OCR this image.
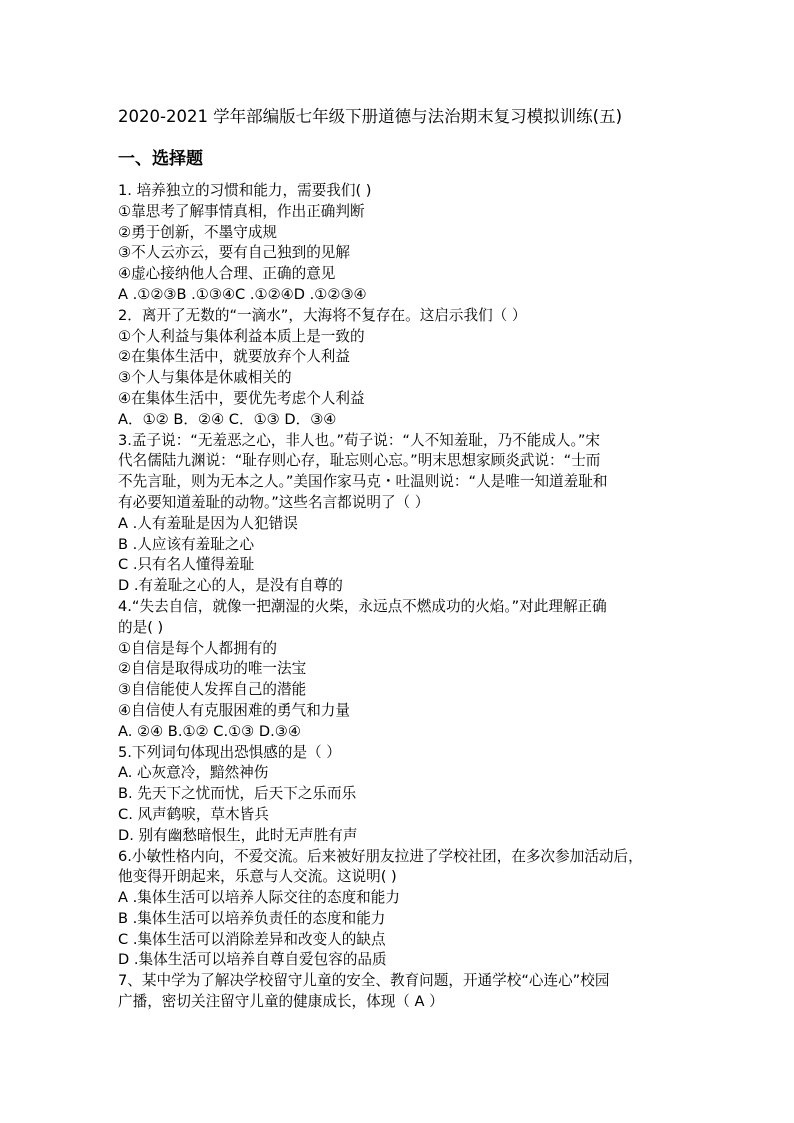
2020-2021 学年部编版七年级下册道德与法治期末复习模拟训练(五)
一、选择题
1. 培养独立的习惯和能力，需要我们( )
①靠思考了解事情真相，作出正确判断
②勇于创新，不墨守成规
③不人云亦云，要有自己独到的见解
④虚心接纳他人合理、正确的意见
A .①②③B .①③④C .①②④D .①②③④
2．离开了无数的“一滴水”，大海将不复存在。这启示我们（ ）
①个人利益与集体利益本质上是一致的
②在集体生活中，就要放弃个人利益
③个人与集体是休戚相关的
④在集体生活中，要优先考虑个人利益
A．①② B．②④ C．①③ D．③④
3.孟子说：“无羞恶之心，非人也。”荀子说：“人不知羞耻，乃不能成人。”宋
代名儒陆九渊说：“耻存则心存，耻忘则心忘。”明末思想家顾炎武说：“士而
不先言耻，则为无本之人。”美国作家马克・吐温则说：“人是唯一知道羞耻和
有必要知道羞耻的动物。”这些名言都说明了（ ）
A .人有羞耻是因为人犯错误
B .人应该有羞耻之心
C .只有名人懂得羞耻
D .有羞耻之心的人，是没有自尊的
4.“失去自信，就像一把潮湿的火柴，永远点不燃成功的火焰。”对此理解正确
的是( )
①自信是每个人都拥有的
②自信是取得成功的唯一法宝
③自信能使人发挥自己的潜能
④自信使人有克服困难的勇气和力量
A. ②④ B.①② C.①③ D.③④
5.下列词句体现出恐惧感的是（ ）
A. 心灰意冷，黯然神伤
B. 先天下之忧而忧，后天下之乐而乐
C. 风声鹤唳，草木皆兵
D. 别有幽愁暗恨生，此时无声胜有声
6.小敏性格内向，不爱交流。后来被好朋友拉进了学校社团，在多次参加活动后，
他变得开朗起来，乐意与人交流。这说明( )
A .集体生活可以培养人际交往的态度和能力
B .集体生活可以培养负责任的态度和能力
C .集体生活可以消除差异和改变人的缺点
D .集体生活可以培养自尊自爱包容的品质
7、某中学为了解决学校留守儿童的安全、教育问题，开通学校“心连心”校园
广播，密切关注留守儿童的健康成长，体现（ A ）
